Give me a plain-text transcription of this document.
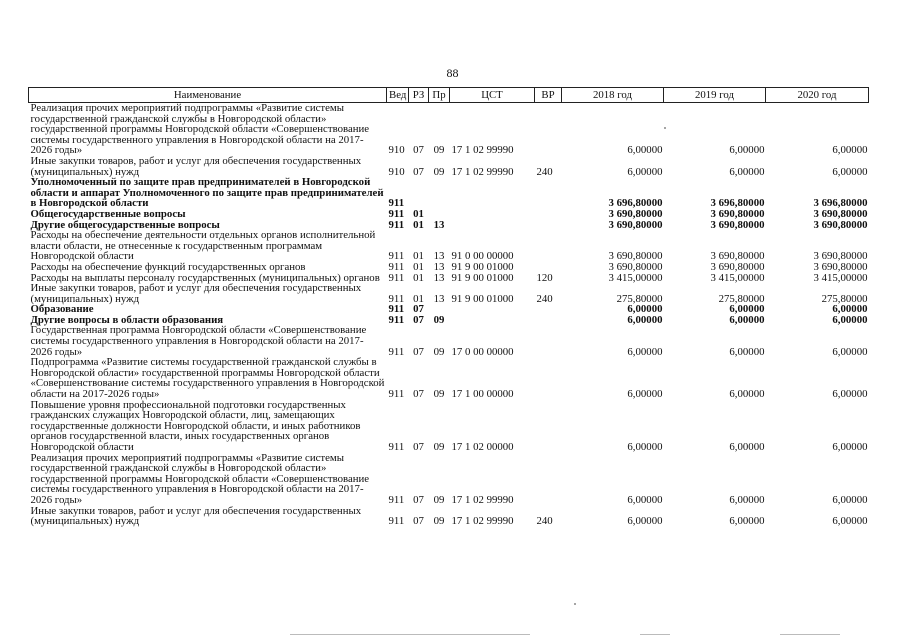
88
Наименование	Вед	РЗ	Пр	ЦСТ	ВР	2018 год	2019 год	2020 год
Реализация прочих мероприятий подпрограммы «Развитие системы государственной гражданской службы в Новгородской области» государственной программы Новгородской области «Совершенствование системы государственного управления в Новгородской области на 2017-2026 годы»	910	07	09	17 1 02 99990		6,00000	6,00000	6,00000
Иные закупки товаров, работ и услуг для обеспечения государственных (муниципальных) нужд	910	07	09	17 1 02 99990	240	6,00000	6,00000	6,00000
Уполномоченный по защите прав предпринимателей в Новгородской области и аппарат Уполномоченного по защите прав предпринимателей в Новгородской области	911					3 696,80000	3 696,80000	3 696,80000
Общегосударственные вопросы	911	01				3 690,80000	3 690,80000	3 690,80000
Другие общегосударственные вопросы	911	01	13			3 690,80000	3 690,80000	3 690,80000
Расходы на обеспечение деятельности отдельных органов исполнительной власти области, не отнесенные к государственным программам Новгородской области	911	01	13	91 0 00 00000		3 690,80000	3 690,80000	3 690,80000
Расходы на обеспечение функций государственных органов	911	01	13	91 9 00 01000		3 690,80000	3 690,80000	3 690,80000
Расходы на выплаты персоналу государственных (муниципальных) органов	911	01	13	91 9 00 01000	120	3 415,00000	3 415,00000	3 415,00000
Иные закупки товаров, работ и услуг для обеспечения государственных (муниципальных) нужд	911	01	13	91 9 00 01000	240	275,80000	275,80000	275,80000
Образование	911	07				6,00000	6,00000	6,00000
Другие вопросы в области образования	911	07	09			6,00000	6,00000	6,00000
Государственная программа Новгородской области «Совершенствование системы государственного управления в Новгородской области на 2017-2026 годы»	911	07	09	17 0 00 00000		6,00000	6,00000	6,00000
Подпрограмма «Развитие системы государственной гражданской службы в Новгородской области» государственной программы Новгородской области «Совершенствование системы государственного управления в Новгородской области на 2017-2026 годы»	911	07	09	17 1 00 00000		6,00000	6,00000	6,00000
Повышение уровня профессиональной подготовки государственных гражданских служащих Новгородской области, лиц, замещающих государственные должности Новгородской области, и иных работников органов государственной власти, иных государственных органов Новгородской области	911	07	09	17 1 02 00000		6,00000	6,00000	6,00000
Реализация прочих мероприятий подпрограммы «Развитие системы государственной гражданской службы в Новгородской области» государственной программы Новгородской области «Совершенствование системы государственного управления в Новгородской области на 2017-2026 годы»	911	07	09	17 1 02 99990		6,00000	6,00000	6,00000
Иные закупки товаров, работ и услуг для обеспечения государственных (муниципальных) нужд	911	07	09	17 1 02 99990	240	6,00000	6,00000	6,00000
